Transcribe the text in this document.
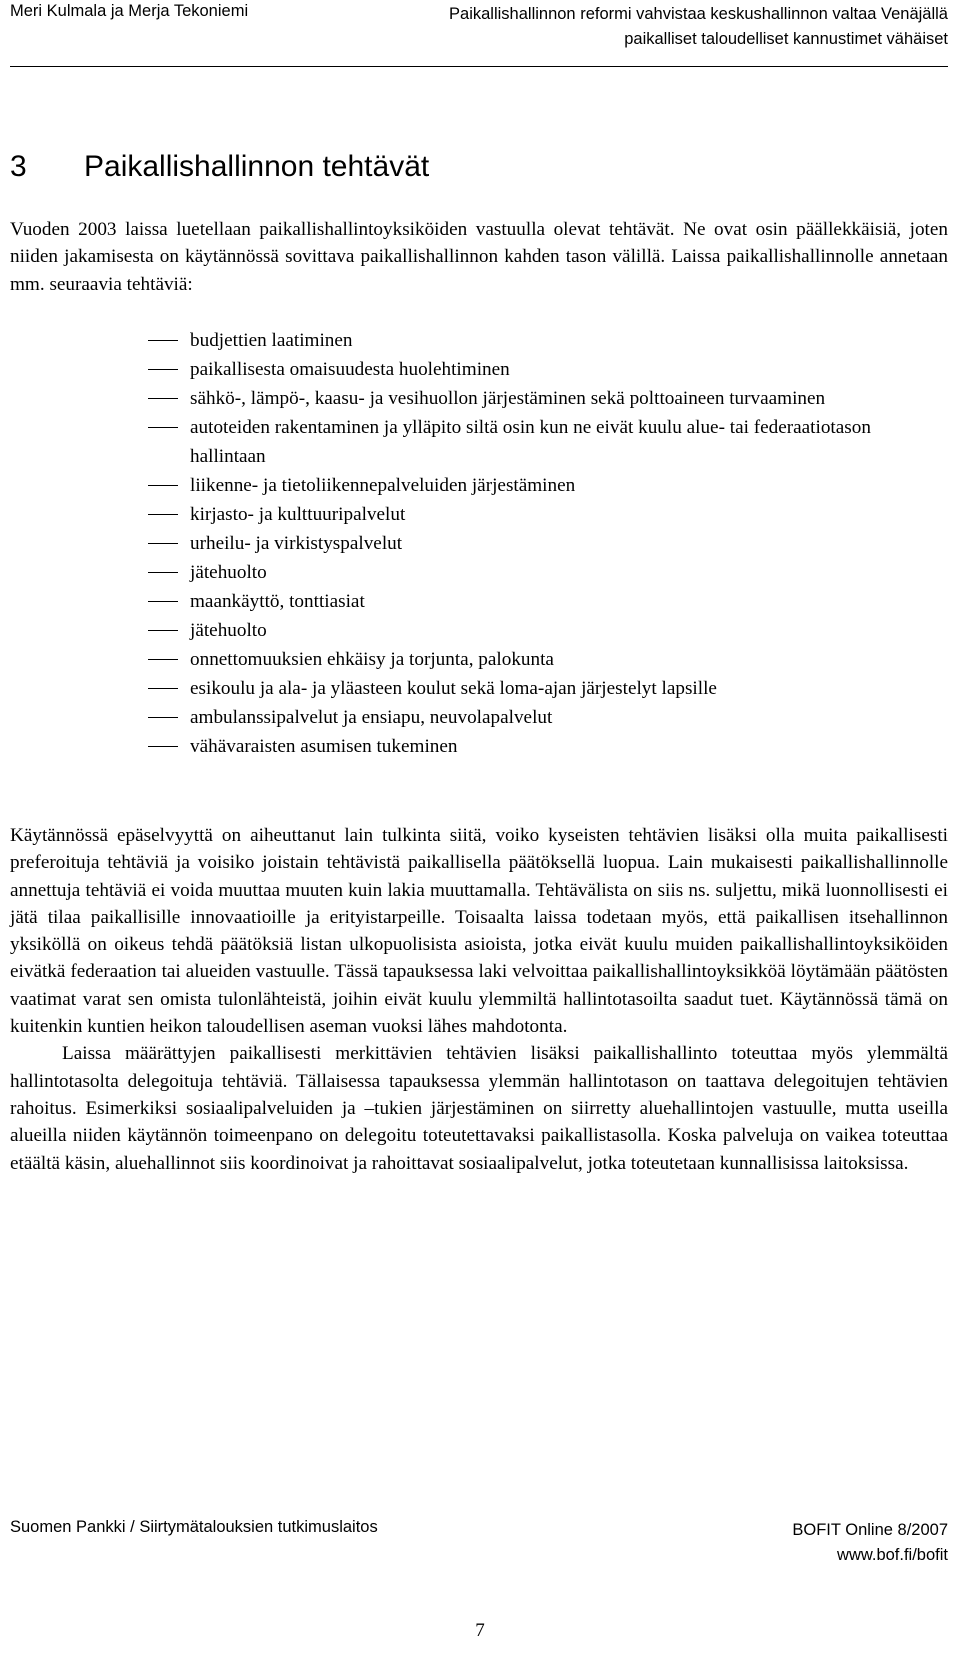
Meri Kulmala ja Merja Tekoniemi	Paikallishallinnon reformi vahvistaa keskushallinnon valtaa Venäjällä
paikalliset taloudelliset kannustimet vähäiset
3 Paikallishallinnon tehtävät
Vuoden 2003 laissa luetellaan paikallishallintoyksiköiden vastuulla olevat tehtävät. Ne ovat osin päällekkäisiä, joten niiden jakamisesta on käytännössä sovittava paikallishallinnon kahden tason välillä. Laissa paikallishallinnolle annetaan mm. seuraavia tehtäviä:
budjettien laatiminen
paikallisesta omaisuudesta huolehtiminen
sähkö-, lämpö-, kaasu- ja vesihuollon järjestäminen sekä polttoaineen turvaaminen
autoteiden rakentaminen ja ylläpito siltä osin kun ne eivät kuulu alue- tai federaatiotason hallintaan
liikenne- ja tietoliikennepalveluiden järjestäminen
kirjasto- ja kulttuuripalvelut
urheilu- ja virkistyspalvelut
jätehuolto
maankäyttö, tonttiasiat
jätehuolto
onnettomuuksien ehkäisy ja torjunta, palokunta
esikoulu ja ala- ja yläasteen koulut sekä loma-ajan järjestelyt lapsille
ambulanssipalvelut ja ensiapu, neuvolapalvelut
vähävaraisten asumisen tukeminen
Käytännössä epäselvyyttä on aiheuttanut lain tulkinta siitä, voiko kyseisten tehtävien lisäksi olla muita paikallisesti preferoituja tehtäviä ja voisiko joistain tehtävistä paikallisella päätöksellä luopua. Lain mukaisesti paikallishallinnolle annettuja tehtäviä ei voida muuttaa muuten kuin lakia muuttamalla. Tehtävälista on siis ns. suljettu, mikä luonnollisesti ei jätä tilaa paikallisille innovaatioille ja erityistarpeille. Toisaalta laissa todetaan myös, että paikallisen itsehallinnon yksiköllä on oikeus tehdä päätöksiä listan ulkopuolisista asioista, jotka eivät kuulu muiden paikallishallintoyksiköiden eivätkä federaation tai alueiden vastuulle. Tässä tapauksessa laki velvoittaa paikallishallintoyksikköä löytämään päätösten vaatimat varat sen omista tulonlähteistä, joihin eivät kuulu ylemmiltä hallintotasoilta saadut tuet. Käytännössä tämä on kuitenkin kuntien heikon taloudellisen aseman vuoksi lähes mahdotonta.
Laissa määrättyjen paikallisesti merkittävien tehtävien lisäksi paikallishallinto toteuttaa myös ylemmältä hallintotasolta delegoituja tehtäviä. Tällaisessa tapauksessa ylemmän hallintotason on taattava delegoitujen tehtävien rahoitus. Esimerkiksi sosiaalipalveluiden ja –tukien järjestäminen on siirretty aluehallintojen vastuulle, mutta useilla alueilla niiden käytännön toimeenpano on delegoitu toteutettavaksi paikallistasolla. Koska palveluja on vaikea toteuttaa etäältä käsin, aluehallinnot siis koordinoivat ja rahoittavat sosiaalipalvelut, jotka toteutetaan kunnallisissa laitoksissa.
Suomen Pankki / Siirtymätalouksien tutkimuslaitos	BOFIT Online 8/2007
www.bof.fi/bofit
7
